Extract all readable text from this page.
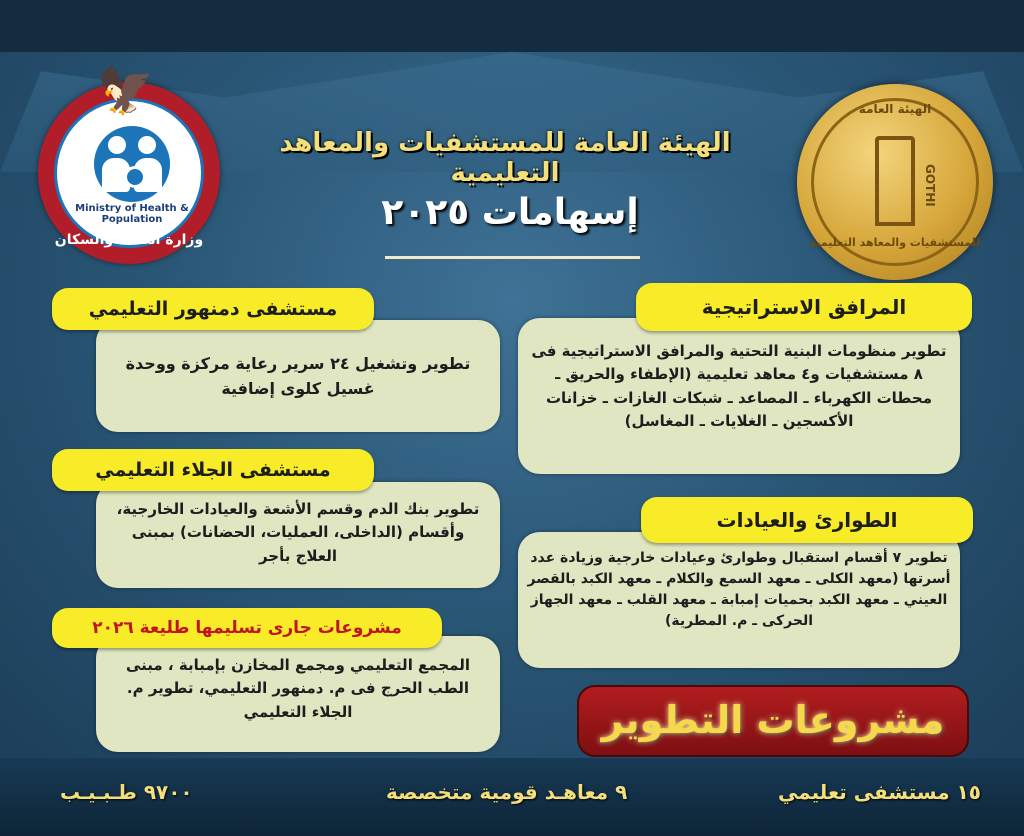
Ministry of Health & Population
وزارة الصحة والسكان
🦅	الهيئة العامة
GOTHI
للمستشفيات والمعاهد التعليمية
الهيئة العامة للمستشفيات والمعاهد التعليمية
إسهامات ٢٠٢٥
تطوير وتشغيل ٢٤ سرير رعاية مركزة ووحدة غسيل كلوى إضافية
مستشفى دمنهور التعليمي
تطوير بنك الدم وقسم الأشعة والعيادات الخارجية، وأقسام (الداخلى، العمليات، الحضانات) بمبنى العلاج بأجر
مستشفى الجلاء التعليمي
المجمع التعليمي ومجمع المخازن بإمبابة ، مبنى الطب الحرج فى م. دمنهور التعليمي، تطوير م. الجلاء التعليمي
مشروعات جارى تسليمها طليعة ٢٠٢٦
تطوير منظومات البنية التحتية والمرافق الاستراتيجية فى ٨ مستشفيات و٤ معاهد تعليمية (الإطفاء والحريق ـ محطات الكهرباء ـ المصاعد ـ شبكات الغازات ـ خزانات الأكسجين ـ الغلايات ـ المغاسل)
المرافق الاستراتيجية
تطوير ٧ أقسام استقبال وطوارئ وعيادات خارجية وزيادة عدد أسرتها (معهد الكلى ـ معهد السمع والكلام ـ معهد الكبد بالقصر العيني ـ معهد الكبد بحميات إمبابة ـ معهد القلب ـ معهد الجهاز الحركى ـ م. المطرية)
الطوارئ والعيادات
مشروعات التطوير
١٥ مستشفى تعليمي
٩ معاهـد قومية متخصصة
٩٧٠٠ طـبـيـب
